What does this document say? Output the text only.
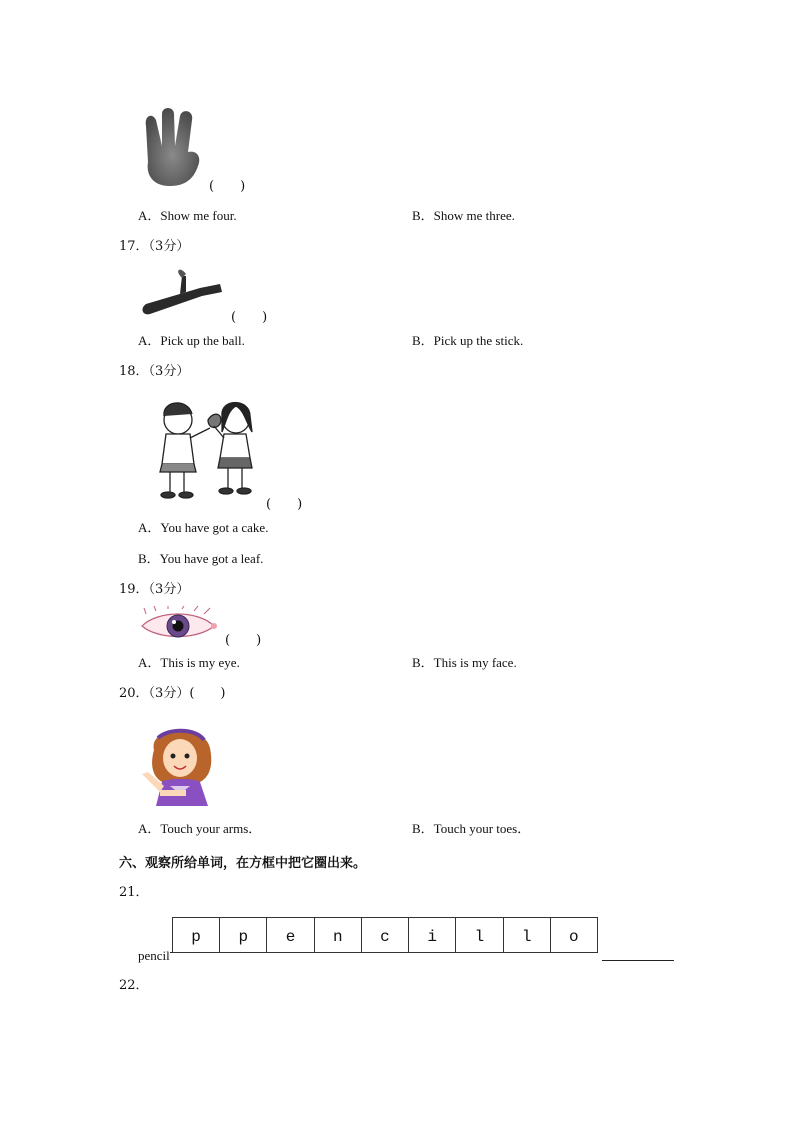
(　　)
A．Show me four.	B．Show me three.
17．（3分）
(　　)
A．Pick up the ball.	B．Pick up the stick.
18．（3分）
(　　)
A．You have got a cake.
B．You have got a leaf.
19．（3分）
(　　)
A．This is my eye.	B．This is my face.
20．（3分）(　　)
A．Touch your arms．	B．Touch your toes．
六、观察所给单词，在方框中把它圈出来。
21．
pencil
p	p	e	n	c	i	l	l	o
22．
